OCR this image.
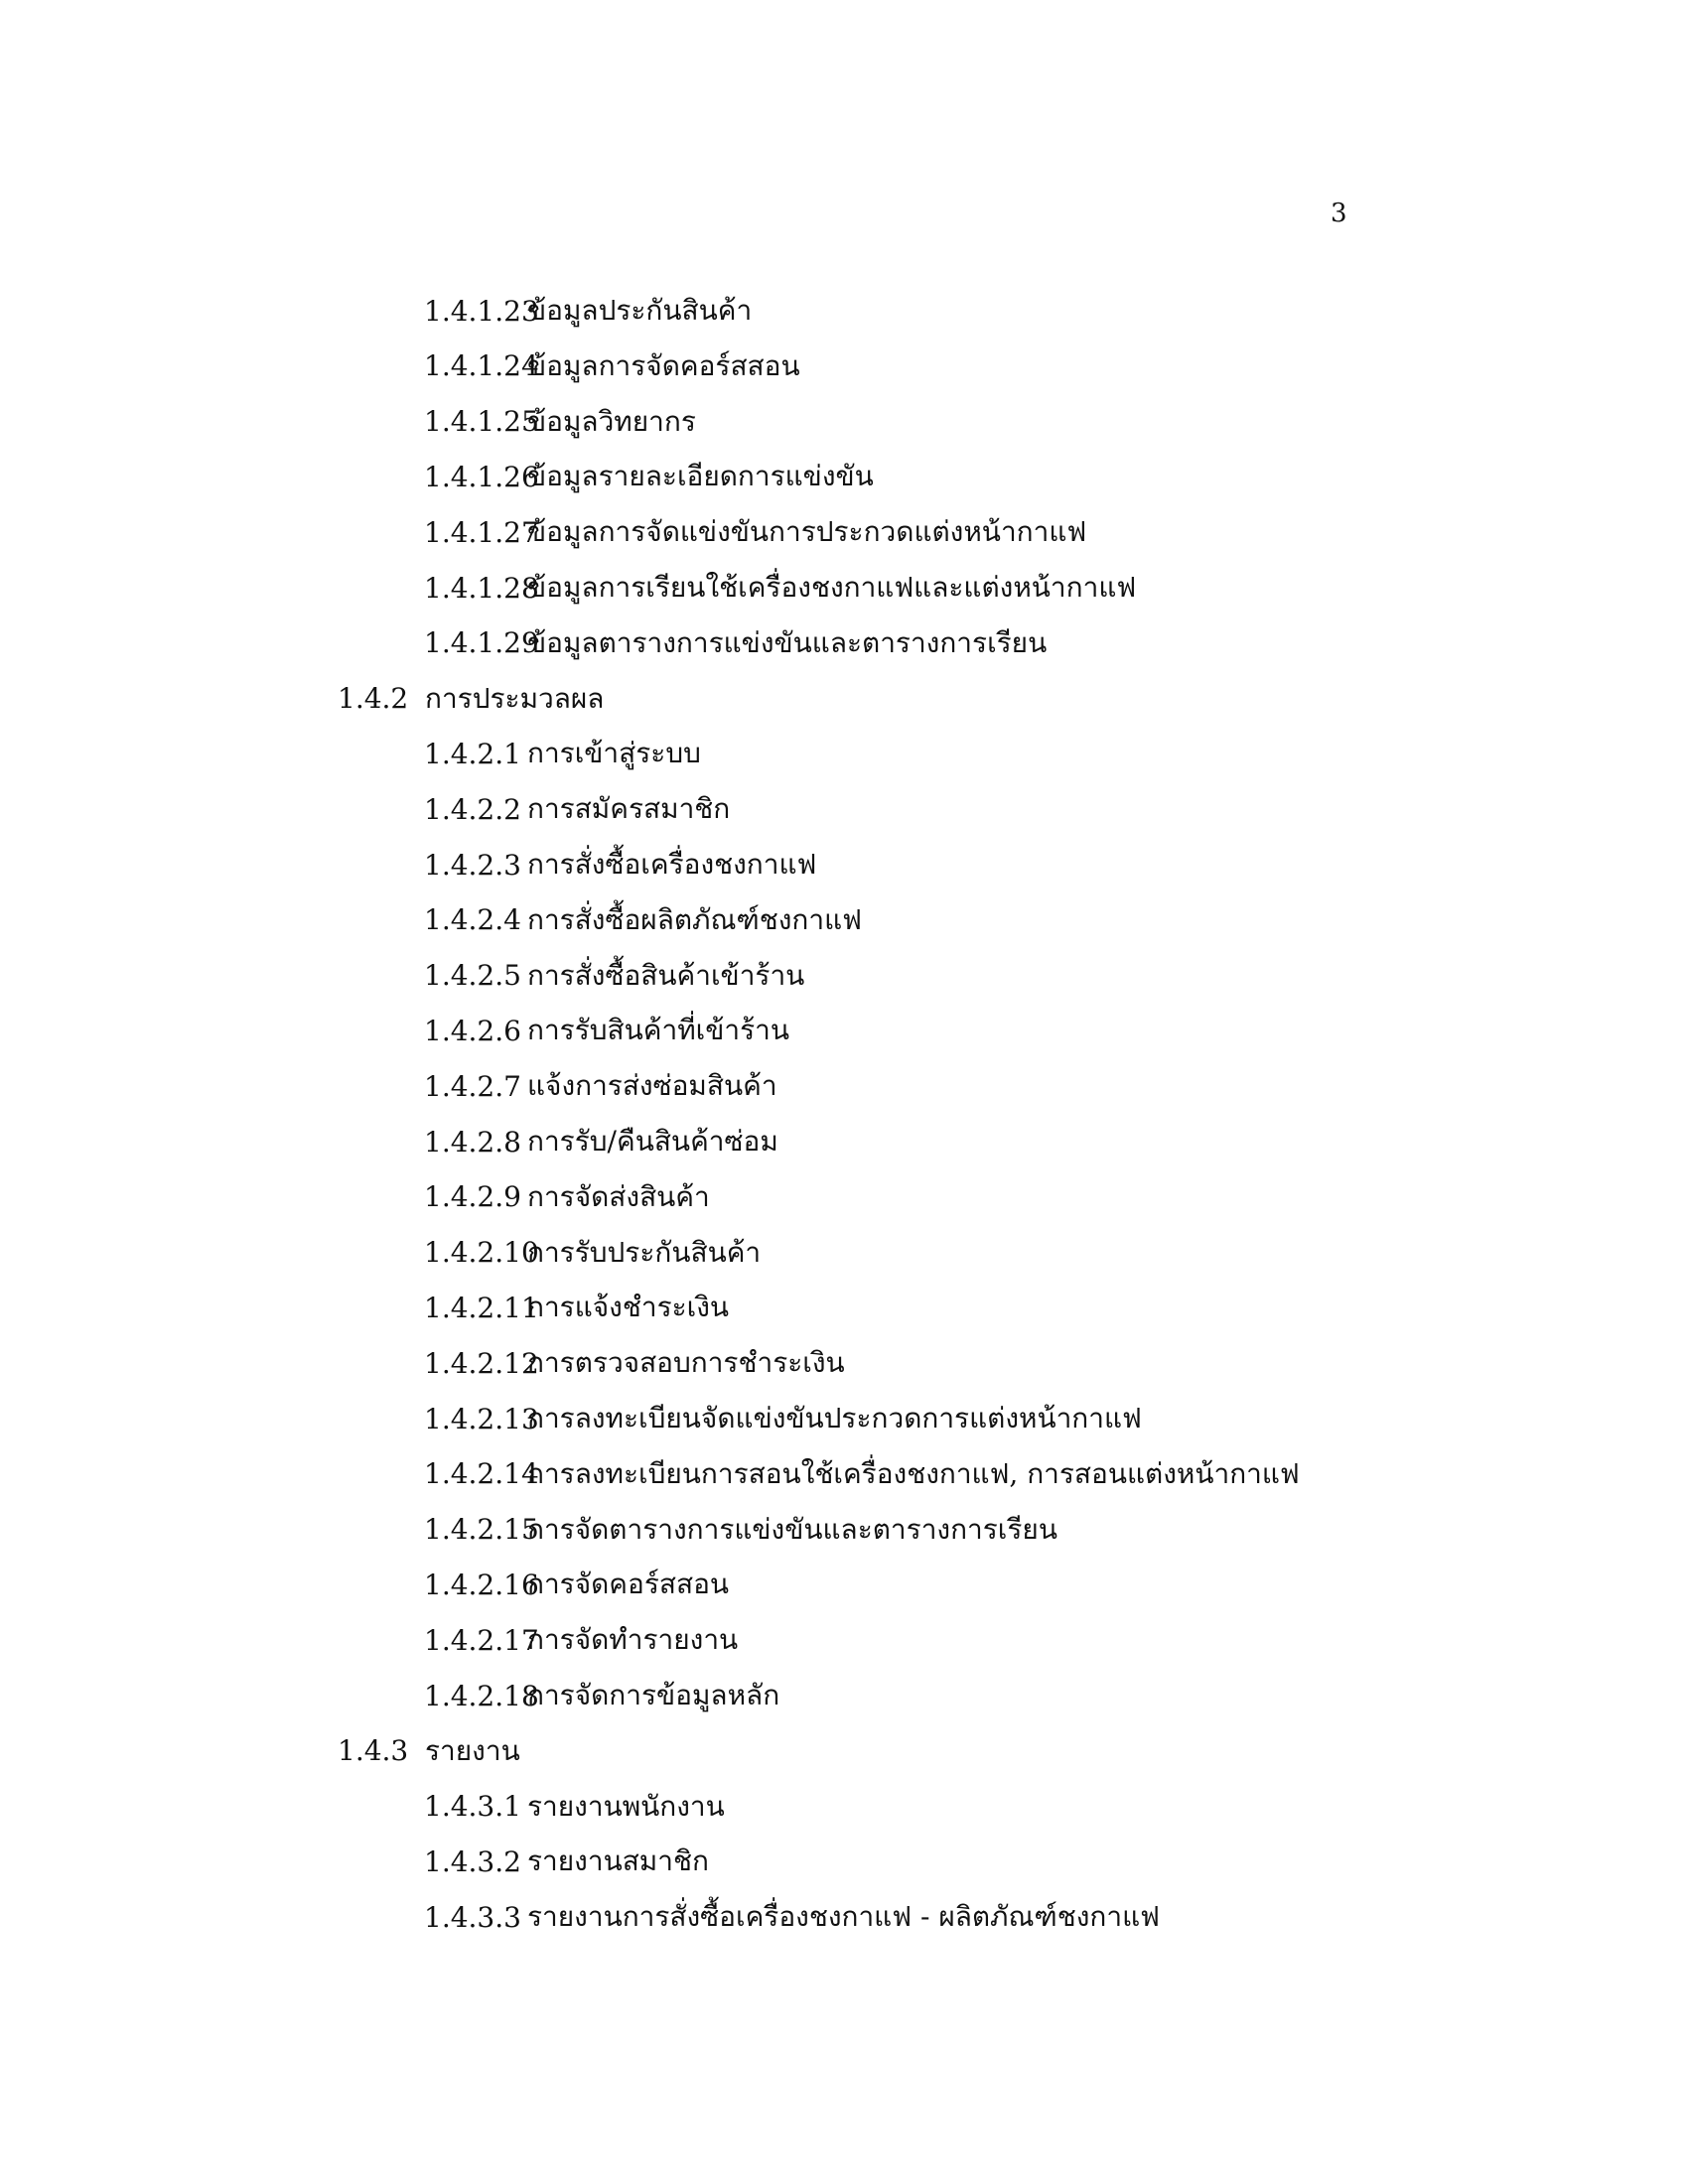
3
1.4.1.23
ข้อมูลประกันสินค้า
1.4.1.24
ข้อมูลการจัดคอร์สสอน
1.4.1.25
ข้อมูลวิทยากร
1.4.1.26
ข้อมูลรายละเอียดการแข่งขัน
1.4.1.27
ข้อมูลการจัดแข่งขันการประกวดแต่งหน้ากาแฟ
1.4.1.28
ข้อมูลการเรียนใช้เครื่องชงกาแฟและแต่งหน้ากาแฟ
1.4.1.29
ข้อมูลตารางการแข่งขันและตารางการเรียน
1.4.2 การประมวลผล
1.4.2.1 การเข้าสู่ระบบ
1.4.2.2 การสมัครสมาชิก
1.4.2.3 การสั่งซื้อเครื่องชงกาแฟ
1.4.2.4 การสั่งซื้อผลิตภัณฑ์ชงกาแฟ
1.4.2.5 การสั่งซื้อสินค้าเข้าร้าน
1.4.2.6 การรับสินค้าที่เข้าร้าน
1.4.2.7 แจ้งการส่งซ่อมสินค้า
1.4.2.8 การรับ/คืนสินค้าซ่อม
1.4.2.9 การจัดส่งสินค้า
1.4.2.10
การรับประกันสินค้า
1.4.2.11
การแจ้งชำระเงิน
1.4.2.12
การตรวจสอบการชำระเงิน
1.4.2.13
การลงทะเบียนจัดแข่งขันประกวดการแต่งหน้ากาแฟ
1.4.2.14
การลงทะเบียนการสอนใช้เครื่องชงกาแฟ, การสอนแต่งหน้ากาแฟ
1.4.2.15
การจัดตารางการแข่งขันและตารางการเรียน
1.4.2.16
การจัดคอร์สสอน
1.4.2.17
การจัดทำรายงาน
1.4.2.18
การจัดการข้อมูลหลัก
1.4.3 รายงาน
1.4.3.1 รายงานพนักงาน
1.4.3.2 รายงานสมาชิก
1.4.3.3 รายงานการสั่งซื้อเครื่องชงกาแฟ - ผลิตภัณฑ์ชงกาแฟ
